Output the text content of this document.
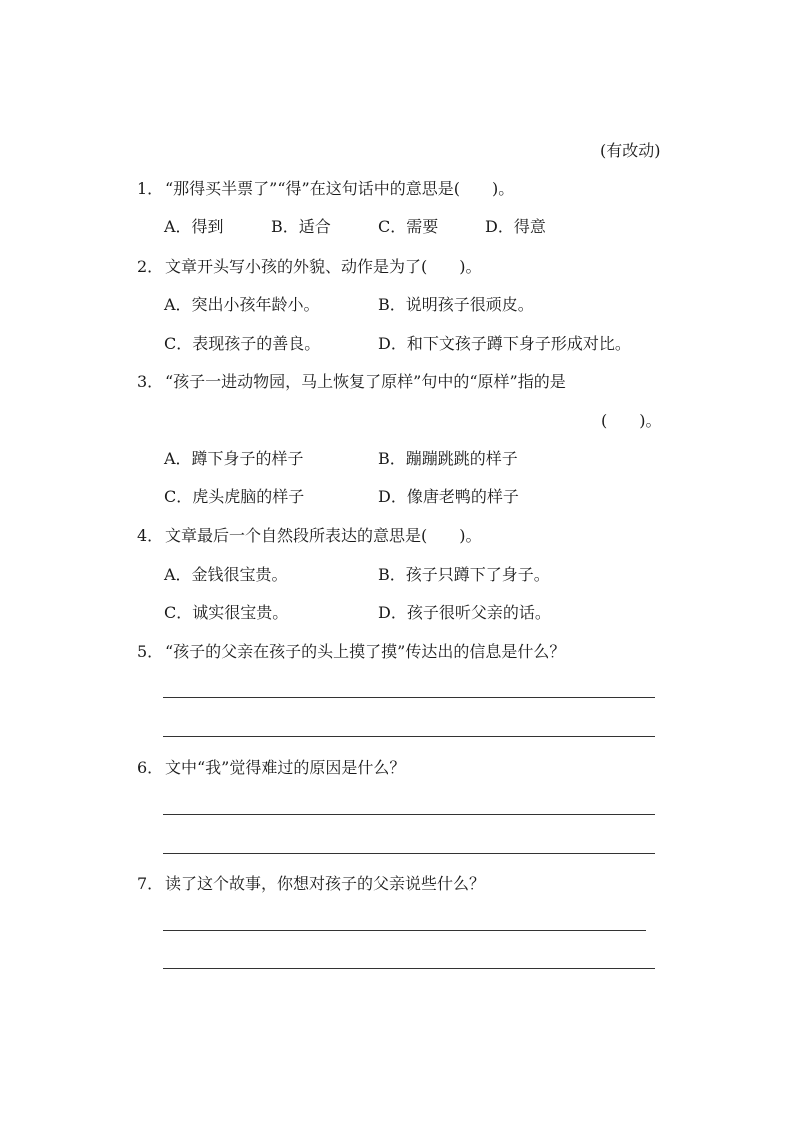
(有改动)
1． “那得买半票了”“得”在这句话中的意思是(　　)。
A．得到	B．适合	C．需要	D．得意
2． 文章开头写小孩的外貌、动作是为了(　　)。
A．突出小孩年龄小。	B．说明孩子很顽皮。
C．表现孩子的善良。	D．和下文孩子蹲下身子形成对比。
3． “孩子一进动物园，马上恢复了原样”句中的“原样”指的是
(　　)。
A．蹲下身子的样子	B．蹦蹦跳跳的样子
C．虎头虎脑的样子	D．像唐老鸭的样子
4． 文章最后一个自然段所表达的意思是(　　)。
A．金钱很宝贵。	B．孩子只蹲下了身子。
C．诚实很宝贵。	D．孩子很听父亲的话。
5． “孩子的父亲在孩子的头上摸了摸”传达出的信息是什么？
6． 文中“我”觉得难过的原因是什么？
7． 读了这个故事，你想对孩子的父亲说些什么？
